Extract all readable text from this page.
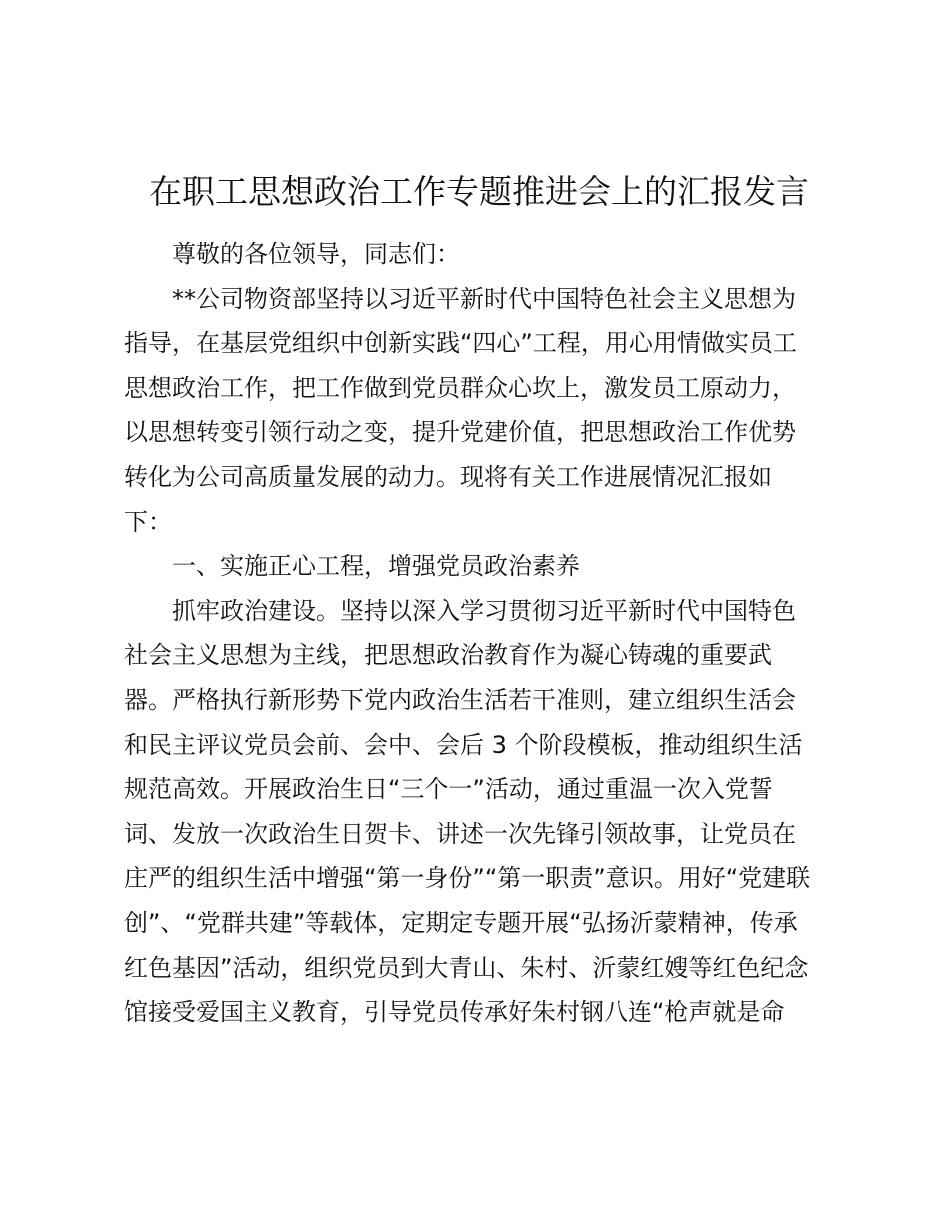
在职工思想政治工作专题推进会上的汇报发言
尊敬的各位领导，同志们：
**公司物资部坚持以习近平新时代中国特色社会主义思想为
指导，在基层党组织中创新实践“四心”工程，用心用情做实员工
思想政治工作，把工作做到党员群众心坎上，激发员工原动力，
以思想转变引领行动之变，提升党建价值，把思想政治工作优势
转化为公司高质量发展的动力。现将有关工作进展情况汇报如
下：
一、实施正心工程，增强党员政治素养
抓牢政治建设。坚持以深入学习贯彻习近平新时代中国特色
社会主义思想为主线，把思想政治教育作为凝心铸魂的重要武
器。严格执行新形势下党内政治生活若干准则，建立组织生活会
和民主评议党员会前、会中、会后 3 个阶段模板，推动组织生活
规范高效。开展政治生日“三个一”活动，通过重温一次入党誓
词、发放一次政治生日贺卡、讲述一次先锋引领故事，让党员在
庄严的组织生活中增强“第一身份”“第一职责”意识。用好“党建联
创”、“党群共建”等载体，定期定专题开展“弘扬沂蒙精神，传承
红色基因”活动，组织党员到大青山、朱村、沂蒙红嫂等红色纪念
馆接受爱国主义教育，引导党员传承好朱村钢八连“枪声就是命
